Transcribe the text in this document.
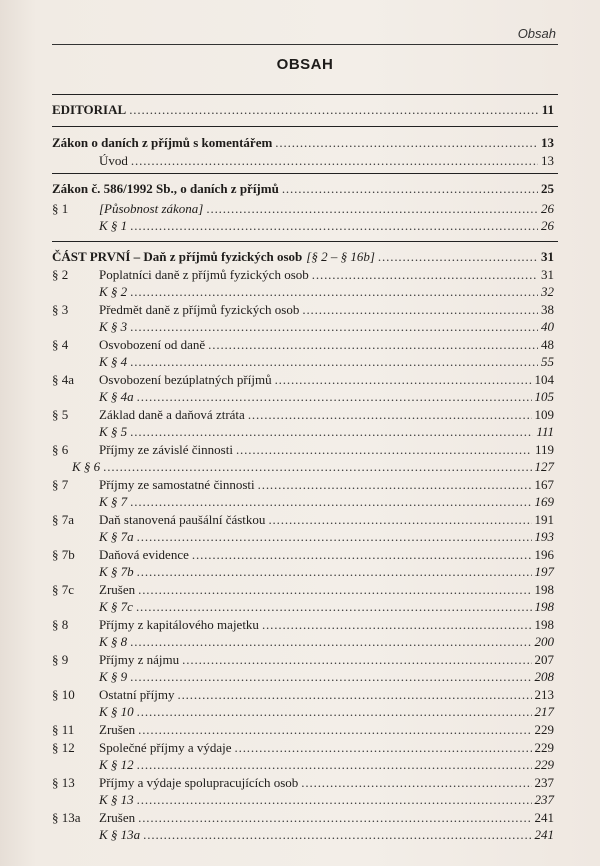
Obsah
OBSAH
EDITORIAL . . .	11
Zákon o daních z příjmů s komentářem . . .	13
Úvod . . .	13
Zákon č. 586/1992 Sb., o daních z příjmů . . .	25
§ 1	[Působnost zákona] . . .	26
K § 1 . . .	26
ČÁST PRVNÍ – Daň z příjmů fyzických osob [§ 2 – § 16b] . . .	31
§ 2	Poplatníci daně z příjmů fyzických osob . . .	31
K § 2 . . .	32
§ 3	Předmět daně z příjmů fyzických osob . . .	38
K § 3 . . .	40
§ 4	Osvobození od daně . . .	48
K § 4 . . .	55
§ 4a	Osvobození bezúplatných příjmů . . .	104
K § 4a . . .	105
§ 5	Základ daně a daňová ztráta . . .	109
K § 5 . . .	111
§ 6	Příjmy ze závislé činnosti . . .	119
K § 6 . . .	127
§ 7	Příjmy ze samostatné činnosti . . .	167
K § 7 . . .	169
§ 7a	Daň stanovená paušální částkou . . .	191
K § 7a . . .	193
§ 7b	Daňová evidence . . .	196
K § 7b . . .	197
§ 7c	Zrušen . . .	198
K § 7c . . .	198
§ 8	Příjmy z kapitálového majetku . . .	198
K § 8 . . .	200
§ 9	Příjmy z nájmu . . .	207
K § 9 . . .	208
§ 10	Ostatní příjmy . . .	213
K § 10 . . .	217
§ 11	Zrušen . . .	229
§ 12	Společné příjmy a výdaje . . .	229
K § 12 . . .	229
§ 13	Příjmy a výdaje spolupracujících osob . . .	237
K § 13 . . .	237
§ 13a	Zrušen . . .	241
K § 13a . . .	241
